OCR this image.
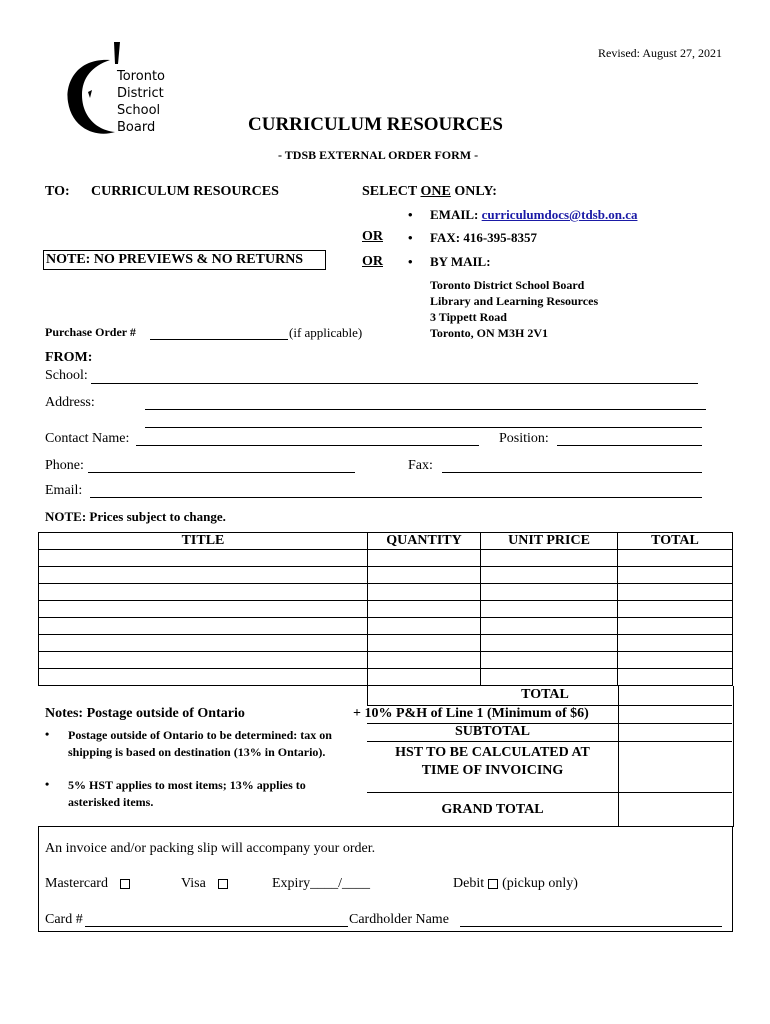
Revised: August 27, 2021
Toronto
District
School
Board	CURRICULUM RESOURCES
- TDSB EXTERNAL ORDER FORM -
TO: CURRICULUM RESOURCES
NOTE: NO PREVIEWS & NO RETURNS
Purchase Order #	(if applicable)
SELECT ONE ONLY:
• EMAIL: curriculumdocs@tdsb.on.ca
OR • FAX: 416-395-8357
OR • BY MAIL:
Toronto District School Board
Library and Learning Resources
3 Tippett Road
Toronto, ON M3H 2V1
FROM:
School:
Address:
Contact Name:	Position:
Phone:	Fax:
Email:
NOTE: Prices subject to change.
TITLE	QUANTITY	UNIT PRICE	TOTAL

TOTAL
+ 10% P&H of Line 1 (Minimum of $6)
SUBTOTAL
HST TO BE CALCULATED AT
TIME OF INVOICING
GRAND TOTAL
Notes: Postage outside of Ontario
• Postage outside of Ontario to be determined: tax on shipping is based on destination (13% in Ontario).
• 5% HST applies to most items; 13% applies to asterisked items.
An invoice and/or packing slip will accompany your order.
Mastercard	Visa	Expiry____/____	Debit (pickup only)
Card #	Cardholder Name
